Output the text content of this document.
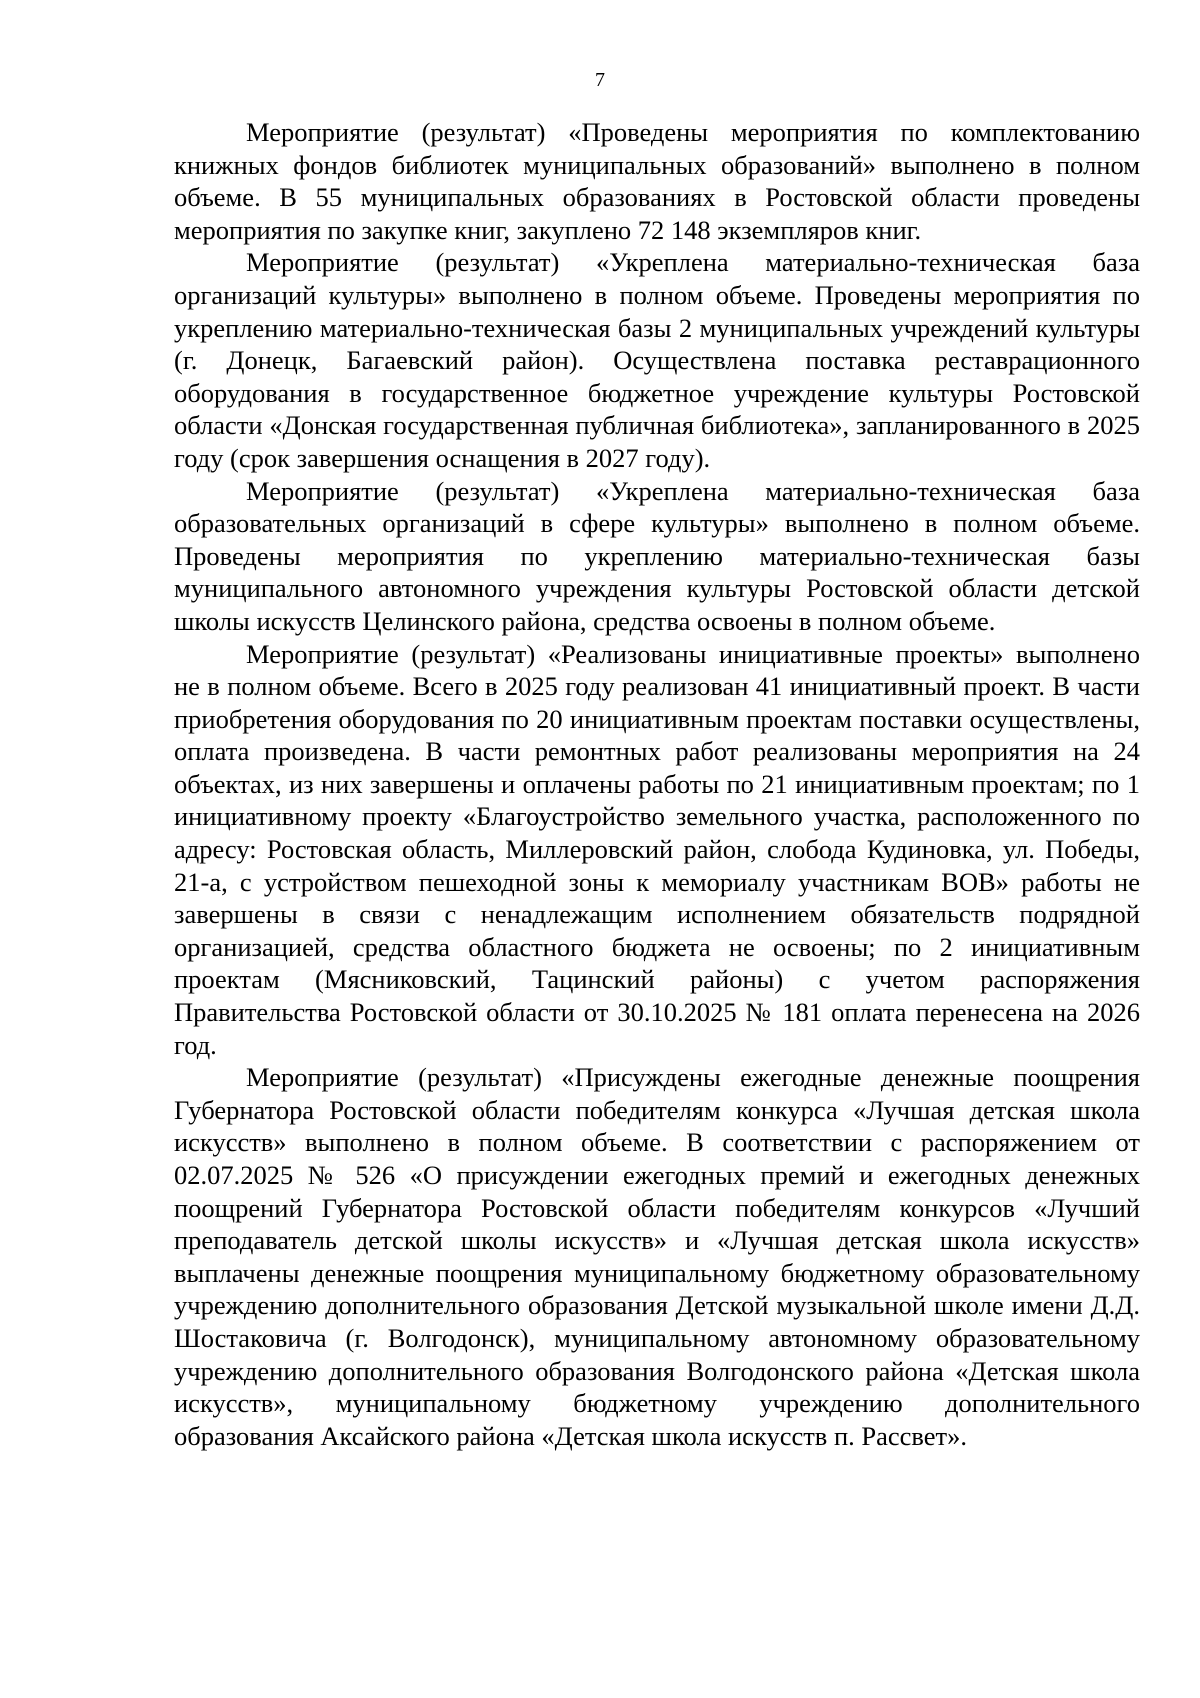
7

Мероприятие (результат) «Проведены мероприятия по комплектованию книжных фондов библиотек муниципальных образований» выполнено в полном объеме. В 55 муниципальных образованиях в Ростовской области проведены мероприятия по закупке книг, закуплено 72 148 экземпляров книг.

Мероприятие (результат) «Укреплена материально-техническая база организаций культуры» выполнено в полном объеме. Проведены мероприятия по укреплению материально-техническая базы 2 муниципальных учреждений культуры (г. Донецк, Багаевский район). Осуществлена поставка реставрационного оборудования в государственное бюджетное учреждение культуры Ростовской области «Донская государственная публичная библиотека», запланированного в 2025 году (срок завершения оснащения в 2027 году).

Мероприятие (результат) «Укреплена материально-техническая база образовательных организаций в сфере культуры» выполнено в полном объеме. Проведены мероприятия по укреплению материально-техническая базы муниципального автономного учреждения культуры Ростовской области детской школы искусств Целинского района, средства освоены в полном объеме.

Мероприятие (результат) «Реализованы инициативные проекты» выполнено не в полном объеме. Всего в 2025 году реализован 41 инициативный проект. В части приобретения оборудования по 20 инициативным проектам поставки осуществлены, оплата произведена. В части ремонтных работ реализованы мероприятия на 24 объектах, из них завершены и оплачены работы по 21 инициативным проектам; по 1 инициативному проекту «Благоустройство земельного участка, расположенного по адресу: Ростовская область, Миллеровский район, слобода Кудиновка, ул. Победы, 21-а, с устройством пешеходной зоны к мемориалу участникам ВОВ» работы не завершены в связи с ненадлежащим исполнением обязательств подрядной организацией, средства областного бюджета не освоены; по 2 инициативным проектам (Мясниковский, Тацинский районы) с учетом распоряжения Правительства Ростовской области от 30.10.2025 № 181 оплата перенесена на 2026 год.

Мероприятие (результат) «Присуждены ежегодные денежные поощрения Губернатора Ростовской области победителям конкурса «Лучшая детская школа искусств» выполнено в полном объеме. В соответствии с распоряжением от 02.07.2025 № 526 «О присуждении ежегодных премий и ежегодных денежных поощрений Губернатора Ростовской области победителям конкурсов «Лучший преподаватель детской школы искусств» и «Лучшая детская школа искусств» выплачены денежные поощрения муниципальному бюджетному образовательному учреждению дополнительного образования Детской музыкальной школе имени Д.Д. Шостаковича (г. Волгодонск), муниципальному автономному образовательному учреждению дополнительного образования Волгодонского района «Детская школа искусств», муниципальному бюджетному учреждению дополнительного образования Аксайского района «Детская школа искусств п. Рассвет».
